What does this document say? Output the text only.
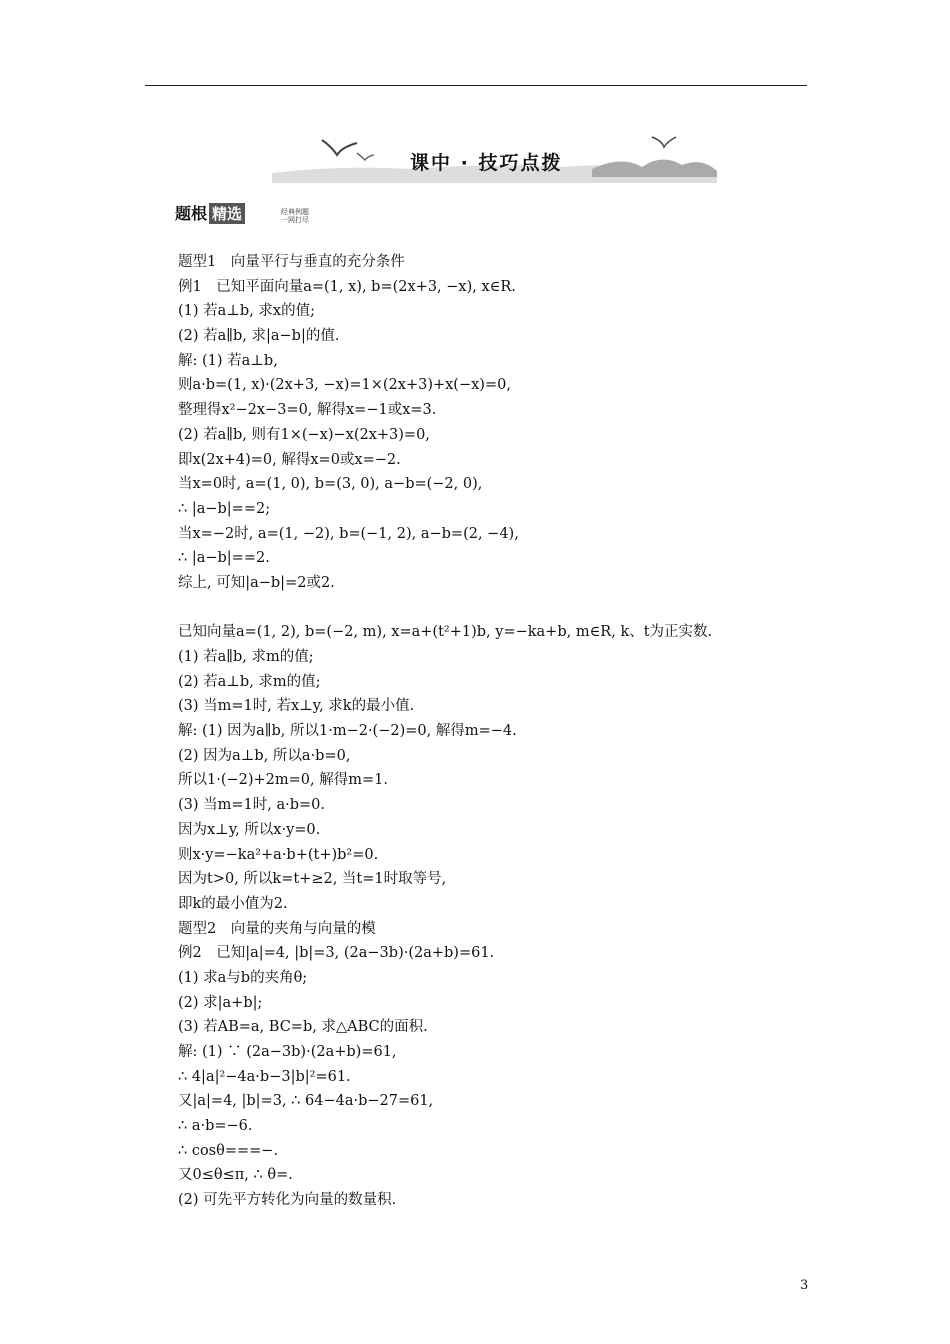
课中 · 技巧点拨
题根 精选	经典例题
一网打尽
题型1　向量平行与垂直的充分条件
例1　已知平面向量a=(1, x), b=(2x+3, −x), x∈R.
(1) 若a⊥b, 求x的值;
(2) 若a∥b, 求|a−b|的值.
解: (1) 若a⊥b,
则a·b=(1, x)·(2x+3, −x)=1×(2x+3)+x(−x)=0,
整理得x²−2x−3=0, 解得x=−1或x=3.
(2) 若a∥b, 则有1×(−x)−x(2x+3)=0,
即x(2x+4)=0, 解得x=0或x=−2.
当x=0时, a=(1, 0), b=(3, 0), a−b=(−2, 0),
∴ |a−b|==2;
当x=−2时, a=(1, −2), b=(−1, 2), a−b=(2, −4),
∴ |a−b|==2.
综上, 可知|a−b|=2或2.
已知向量a=(1, 2), b=(−2, m), x=a+(t²+1)b, y=−ka+b, m∈R, k、t为正实数.
(1) 若a∥b, 求m的值;
(2) 若a⊥b, 求m的值;
(3) 当m=1时, 若x⊥y, 求k的最小值.
解: (1) 因为a∥b, 所以1·m−2·(−2)=0, 解得m=−4.
(2) 因为a⊥b, 所以a·b=0,
所以1·(−2)+2m=0, 解得m=1.
(3) 当m=1时, a·b=0.
因为x⊥y, 所以x·y=0.
则x·y=−ka²+a·b+(t+)b²=0.
因为t>0, 所以k=t+≥2, 当t=1时取等号,
即k的最小值为2.
题型2　向量的夹角与向量的模
例2　已知|a|=4, |b|=3, (2a−3b)·(2a+b)=61.
(1) 求a与b的夹角θ;
(2) 求|a+b|;
(3) 若AB=a, BC=b, 求△ABC的面积.
解: (1) ∵ (2a−3b)·(2a+b)=61,
∴ 4|a|²−4a·b−3|b|²=61.
又|a|=4, |b|=3, ∴ 64−4a·b−27=61,
∴ a·b=−6.
∴ cosθ===−.
又0≤θ≤π, ∴ θ=.
(2) 可先平方转化为向量的数量积.
3
